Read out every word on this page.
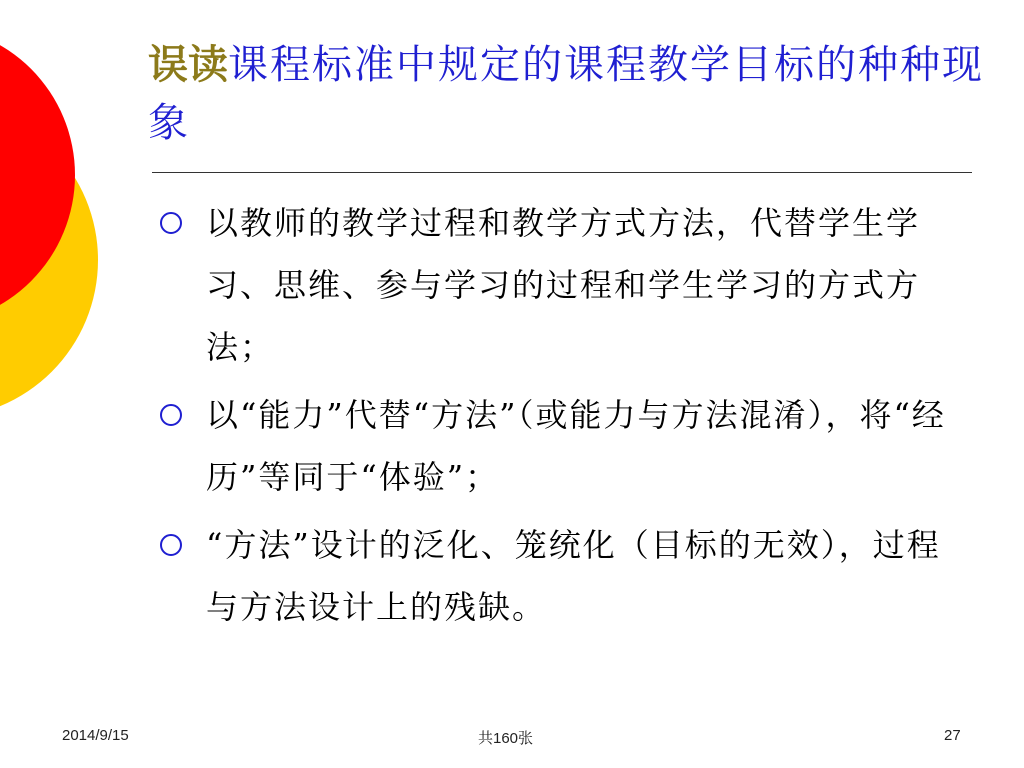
误读课程标准中规定的课程教学目标的种种现象
以教师的教学过程和教学方式方法，代替学生学习、思维、参与学习的过程和学生学习的方式方法；
以“能力”代替“方法”（或能力与方法混淆），将“经历”等同于“体验”；
“方法”设计的泛化、笼统化（目标的无效），过程与方法设计上的残缺。
2014/9/15	共160张	27
